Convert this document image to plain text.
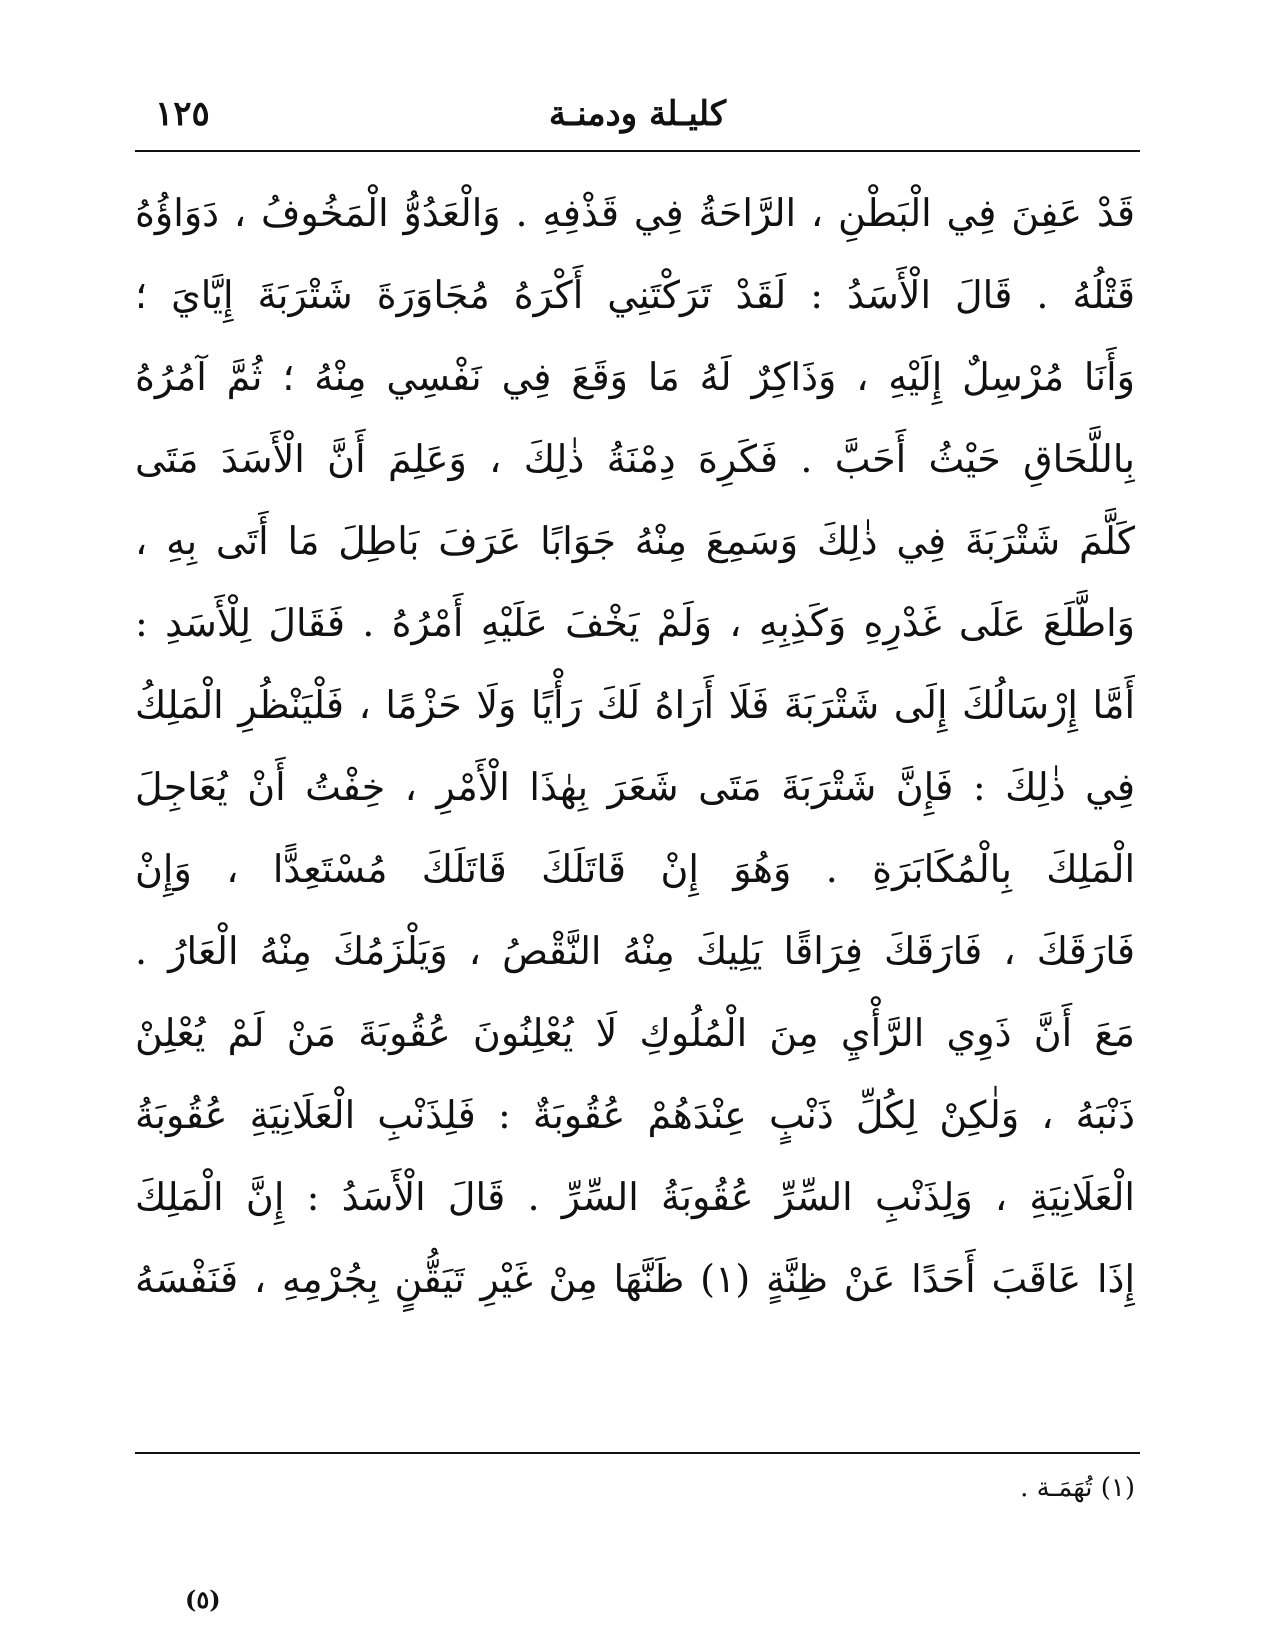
كليـلة ودمنـة
١٢٥
قَدْ عَفِنَ فِي الْبَطْنِ ، الرَّاحَةُ فِي قَذْفِهِ . وَالْعَدُوُّ الْمَخُوفُ ، دَوَاؤُهُ
قَتْلُهُ . قَالَ الْأَسَدُ : لَقَدْ تَرَكْتَنِي أَكْرَهُ مُجَاوَرَةَ شَتْرَبَةَ إِيَّايَ ؛
وَأَنَا مُرْسِلٌ إِلَيْهِ ، وَذَاكِرٌ لَهُ مَا وَقَعَ فِي نَفْسِي مِنْهُ ؛ ثُمَّ آمُرُهُ
بِاللَّحَاقِ حَيْثُ أَحَبَّ . فَكَرِهَ دِمْنَةُ ذٰلِكَ ، وَعَلِمَ أَنَّ الْأَسَدَ مَتَى
كَلَّمَ شَتْرَبَةَ فِي ذٰلِكَ وَسَمِعَ مِنْهُ جَوَابًا عَرَفَ بَاطِلَ مَا أَتَى بِهِ ،
وَاطَّلَعَ عَلَى غَدْرِهِ وَكَذِبِهِ ، وَلَمْ يَخْفَ عَلَيْهِ أَمْرُهُ . فَقَالَ لِلْأَسَدِ :
أَمَّا إِرْسَالُكَ إِلَى شَتْرَبَةَ فَلَا أَرَاهُ لَكَ رَأْيًا وَلَا حَزْمًا ، فَلْيَنْظُرِ الْمَلِكُ
فِي ذٰلِكَ : فَإِنَّ شَتْرَبَةَ مَتَى شَعَرَ بِهٰذَا الْأَمْرِ ، خِفْتُ أَنْ يُعَاجِلَ
الْمَلِكَ بِالْمُكَابَرَةِ . وَهُوَ إِنْ قَاتَلَكَ قَاتَلَكَ مُسْتَعِدًّا ، وَإِنْ
فَارَقَكَ ، فَارَقَكَ فِرَاقًا يَلِيكَ مِنْهُ النَّقْصُ ، وَيَلْزَمُكَ مِنْهُ الْعَارُ .
مَعَ أَنَّ ذَوِي الرَّأْيِ مِنَ الْمُلُوكِ لَا يُعْلِنُونَ عُقُوبَةَ مَنْ لَمْ يُعْلِنْ
ذَنْبَهُ ، وَلٰكِنْ لِكُلِّ ذَنْبٍ عِنْدَهُمْ عُقُوبَةٌ : فَلِذَنْبِ الْعَلَانِيَةِ عُقُوبَةُ
الْعَلَانِيَةِ ، وَلِذَنْبِ السِّرِّ عُقُوبَةُ السِّرِّ . قَالَ الْأَسَدُ : إِنَّ الْمَلِكَ
إِذَا عَاقَبَ أَحَدًا عَنْ ظِنَّةٍ (١) ظَنَّهَا مِنْ غَيْرِ تَيَقُّنٍ بِجُرْمِهِ ، فَنَفْسَهُ
(١) تُهَمَـة .
(٥)
